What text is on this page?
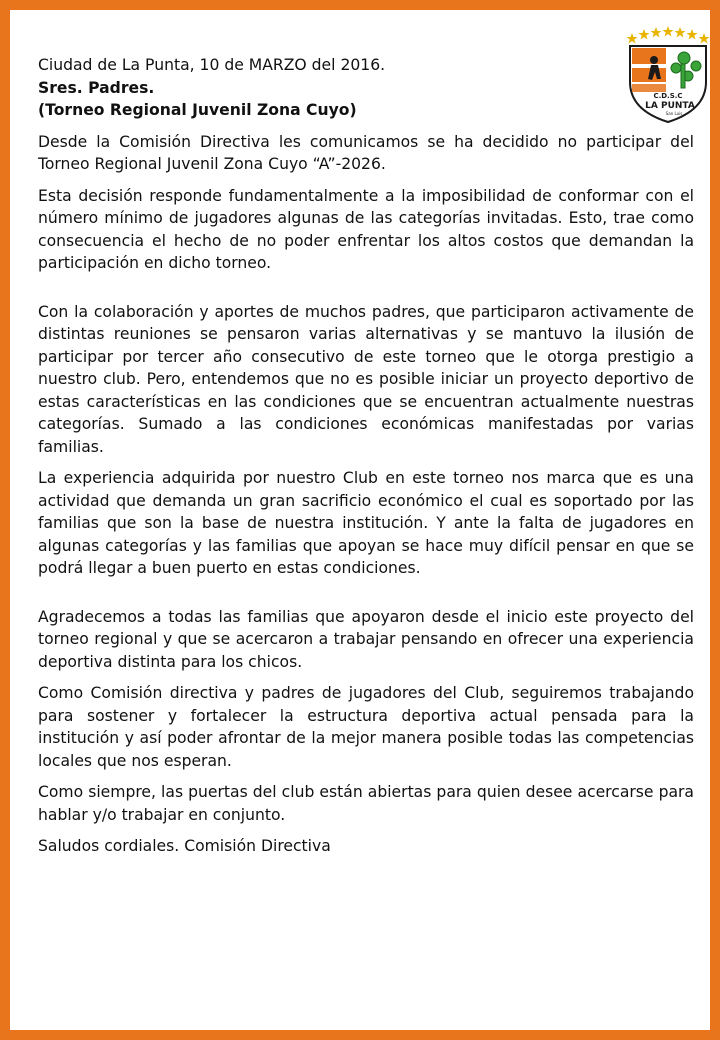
C.D.S.C
LA PUNTA
San Luis

Ciudad de La Punta, 10 de MARZO del 2016.

Sres. Padres.

(Torneo Regional Juvenil Zona Cuyo)

Desde la Comisión Directiva les comunicamos se ha decidido no participar del Torneo Regional Juvenil Zona Cuyo “A”-2026.

Esta decisión responde fundamentalmente a la imposibilidad de conformar con el número mínimo de jugadores algunas de las categorías invitadas. Esto, trae como consecuencia el hecho de no poder enfrentar los altos costos que demandan la participación en dicho torneo.

Con la colaboración y aportes de muchos padres, que participaron activamente de distintas reuniones se pensaron varias alternativas y se mantuvo la ilusión de participar por tercer año consecutivo de este torneo que le otorga prestigio a nuestro club. Pero, entendemos que no es posible iniciar un proyecto deportivo de estas características en las condiciones que se encuentran actualmente nuestras categorías. Sumado a las condiciones económicas manifestadas por varias familias.

La experiencia adquirida por nuestro Club en este torneo nos marca que es una actividad que demanda un gran sacrificio económico el cual es soportado por las familias que son la base de nuestra institución. Y ante la falta de jugadores en algunas categorías y las familias que apoyan se hace muy difícil pensar en que se podrá llegar a buen puerto en estas condiciones.

Agradecemos a todas las familias que apoyaron desde el inicio este proyecto del torneo regional y que se acercaron a trabajar pensando en ofrecer una experiencia deportiva distinta para los chicos.

Como Comisión directiva y padres de jugadores del Club, seguiremos trabajando para sostener y fortalecer la estructura deportiva actual pensada para la institución y así poder afrontar de la mejor manera posible todas las competencias locales que nos esperan.

Como siempre, las puertas del club están abiertas para quien desee acercarse para hablar y/o trabajar en conjunto.

Saludos cordiales. Comisión Directiva
